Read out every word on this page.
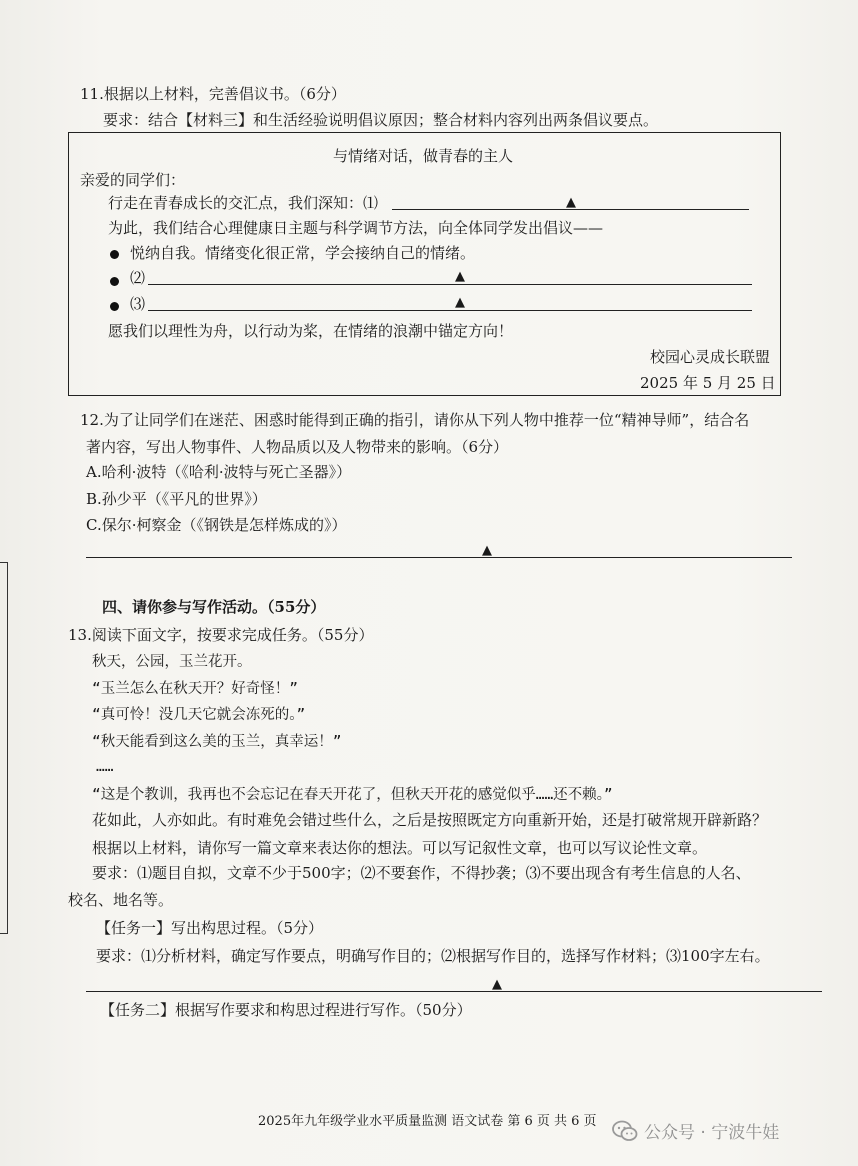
11.根据以上材料，完善倡议书。（6分）
要求：结合【材料三】和生活经验说明倡议原因；整合材料内容列出两条倡议要点。
与情绪对话，做青春的主人
亲爱的同学们：
行走在青春成长的交汇点，我们深知：⑴	▲
为此，我们结合心理健康日主题与科学调节方法，向全体同学发出倡议——
悦纳自我。情绪变化很正常，学会接纳自己的情绪。
⑵	▲
⑶	▲
愿我们以理性为舟，以行动为桨，在情绪的浪潮中锚定方向！
校园心灵成长联盟
2025 年 5 月 25 日
12.为了让同学们在迷茫、困惑时能得到正确的指引，请你从下列人物中推荐一位“精神导师”，结合名
著内容，写出人物事件、人物品质以及人物带来的影响。（6分）
A.哈利·波特（《哈利·波特与死亡圣器》）
B.孙少平（《平凡的世界》）
C.保尔·柯察金（《钢铁是怎样炼成的》）
▲
四、请你参与写作活动。（55分）
13.阅读下面文字，按要求完成任务。（55分）
秋天，公园，玉兰花开。
“玉兰怎么在秋天开？好奇怪！”
“真可怜！没几天它就会冻死的。”
“秋天能看到这么美的玉兰，真幸运！”
……
“这是个教训，我再也不会忘记在春天开花了，但秋天开花的感觉似乎……还不赖。”
花如此，人亦如此。有时难免会错过些什么，之后是按照既定方向重新开始，还是打破常规开辟新路？
根据以上材料，请你写一篇文章来表达你的想法。可以写记叙性文章，也可以写议论性文章。
要求：⑴题目自拟，文章不少于500字；⑵不要套作，不得抄袭；⑶不要出现含有考生信息的人名、
校名、地名等。
【任务一】写出构思过程。（5分）
要求：⑴分析材料，确定写作要点，明确写作目的；⑵根据写作目的，选择写作材料；⑶100字左右。
▲
【任务二】根据写作要求和构思过程进行写作。（50分）
2025年九年级学业水平质量监测 语文试卷 第 6 页 共 6 页
公众号 · 宁波牛娃
